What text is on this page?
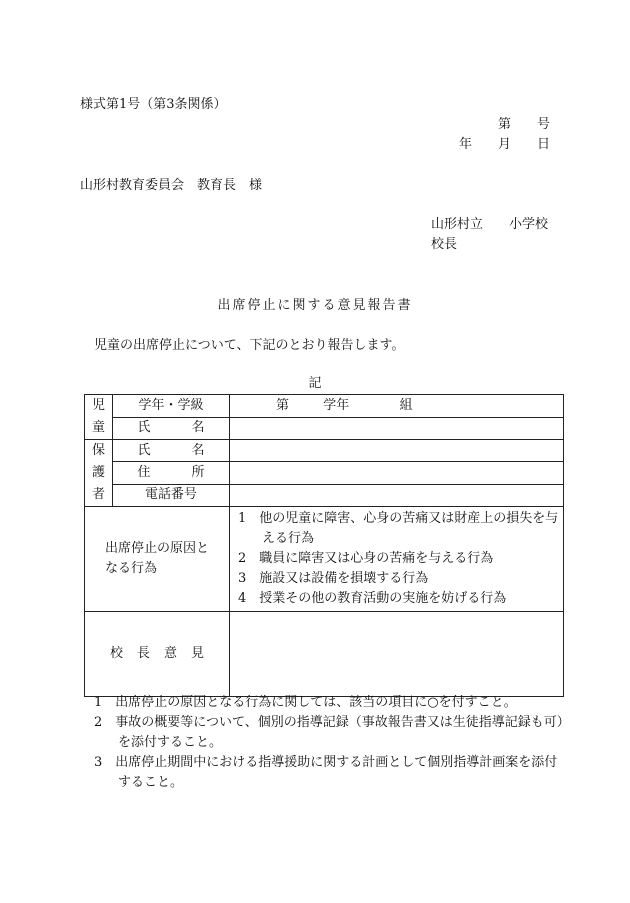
様式第1号（第3条関係）
第　　号
年　　月　　日
山形村教育委員会　教育長　様
山形村立　　小学校
校長
出席停止に関する意見報告書
児童の出席停止について、下記のとおり報告します。
記
児童	学年・学級	第 学年 組
	氏　名	

保護者	氏　名	
	住　所	
	電話番号	

出席停止の原因となる行為		1　他の児童に障害、心身の苦痛又は財産上の損失を与える行為
2　職員に障害又は心身の苦痛を与える行為
3　施設又は設備を損壊する行為
4　授業その他の教育活動の実施を妨げる行為

校長意見		
1　出席停止の原因となる行為に関しては、該当の項目に○を付すこと。
2　事故の概要等について、個別の指導記録（事故報告書又は生徒指導記録も可）を添付すること。
3　出席停止期間中における指導援助に関する計画として個別指導計画案を添付すること。
